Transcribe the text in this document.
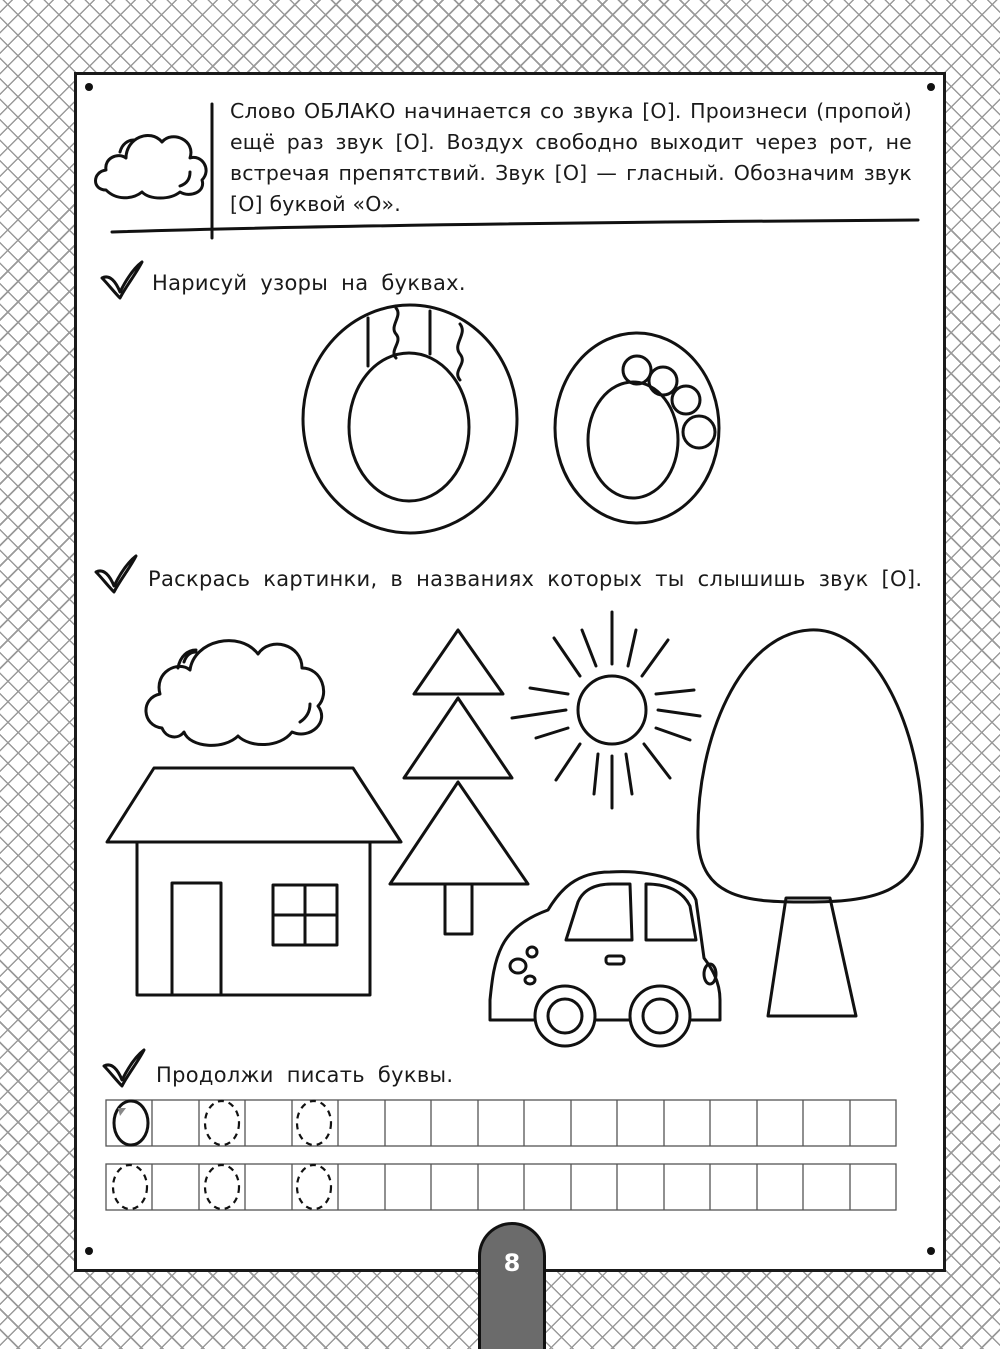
Слово ОБЛАКО начинается со звука [О]. Произнеси (пропой) ещё раз звук [О]. Воздух свободно выходит через рот, не встречая препятствий. Звук [О] — гласный. Обозначим звук [О] буквой «О».
Нарисуй узоры на буквах.
Раскрась картинки, в названиях которых ты слышишь звук [О].
Продолжи писать буквы.
8
